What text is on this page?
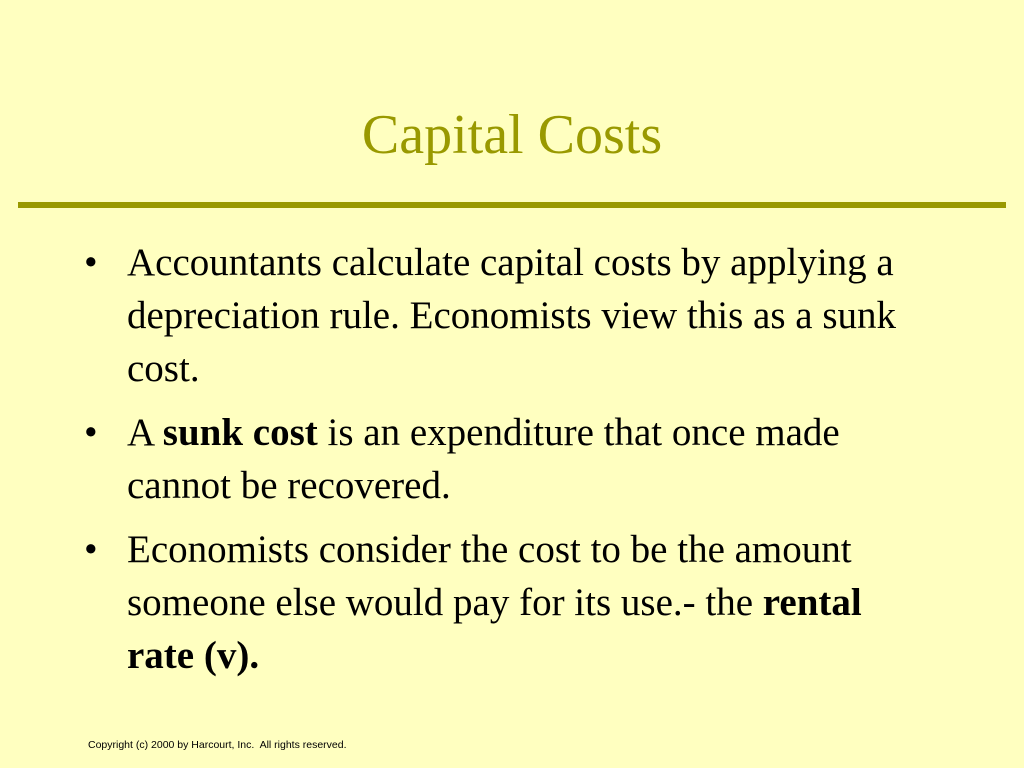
Capital Costs
• Accountants calculate capital costs by applying a depreciation rule. Economists view this as a sunk cost.
• A sunk cost is an expenditure that once made cannot be recovered.
• Economists consider the cost to be the amount someone else would pay for its use.- the rental rate (v).
Copyright (c) 2000 by Harcourt, Inc.  All rights reserved.
